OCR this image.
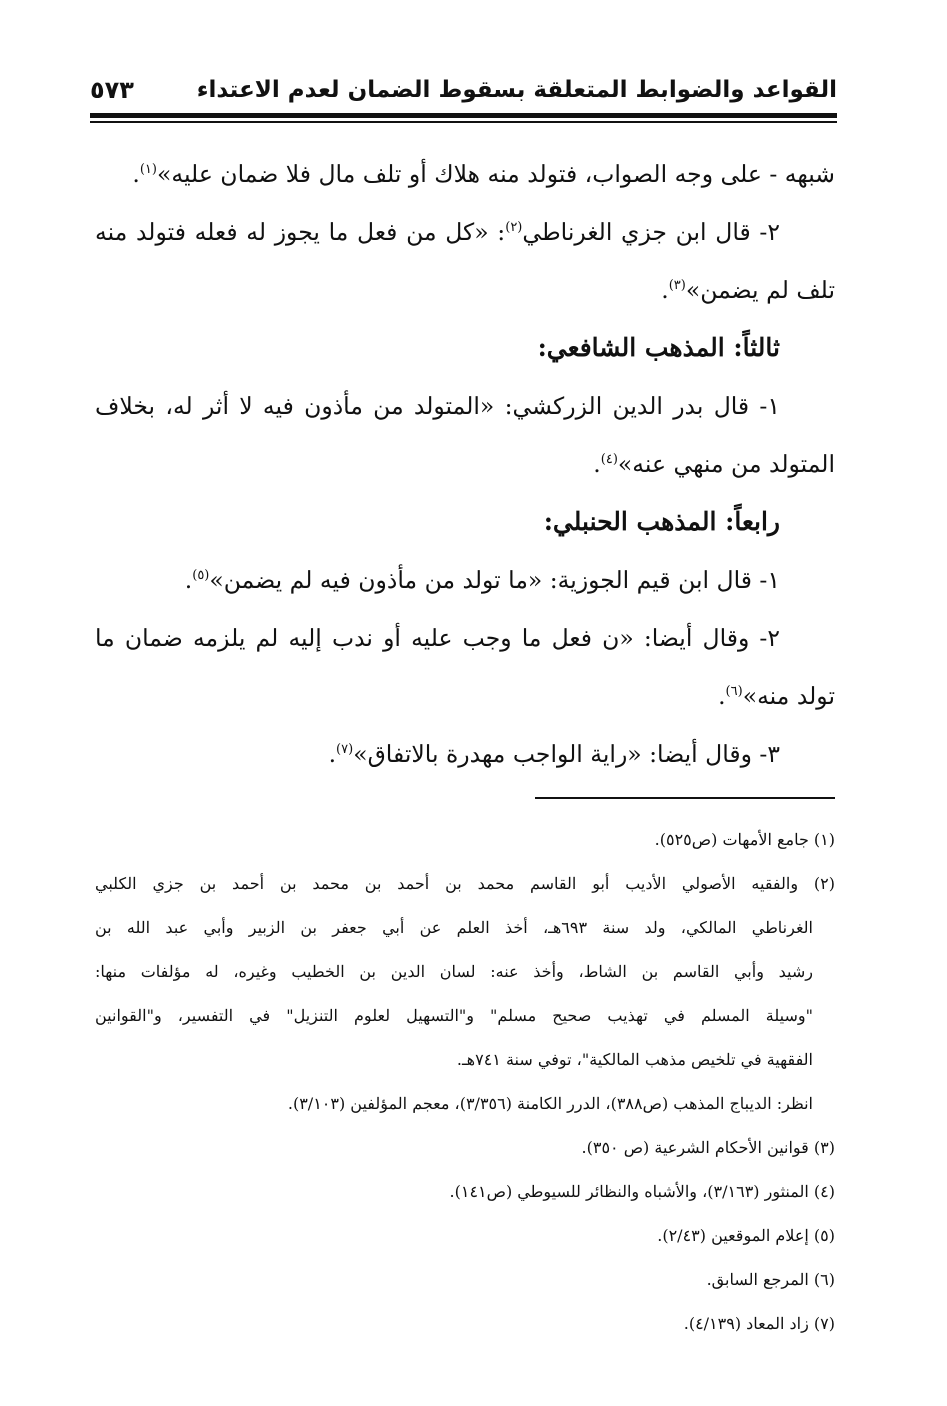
القواعد والضوابط المتعلقة بسقوط الضمان لعدم الاعتداء
٥٧٣
شبهه - على وجه الصواب، فتولد منه هلاك أو تلف مال فلا ضمان عليه»$^{(١)}$.
٢- قال ابن جزي الغرناطي$^{(٢)}$: «كل من فعل ما يجوز له فعله فتولد منه
تلف لم يضمن»$^{(٣)}$.
ثالثاً: المذهب الشافعي:
١- قال بدر الدين الزركشي: «المتولد من مأذون فيه لا أثر له، بخلاف
المتولد من منهي عنه»$^{(٤)}$.
رابعاً: المذهب الحنبلي:
١- قال ابن قيم الجوزية: «ما تولد من مأذون فيه لم يضمن»$^{(٥)}$.
٢- وقال أيضا: «ن فعل ما وجب عليه أو ندب إليه لم يلزمه ضمان ما
تولد منه»$^{(٦)}$.
٣- وقال أيضا: «راية الواجب مهدرة بالاتفاق»$^{(٧)}$.
(١) جامع الأمهات (ص٥٢٥).
(٢) والفقيه الأصولي الأديب أبو القاسم محمد بن أحمد بن محمد بن أحمد بن جزي الكلبي
الغرناطي المالكي، ولد سنة ٦٩٣هـ، أخذ العلم عن أبي جعفر بن الزبير وأبي عبد الله بن
رشيد وأبي القاسم بن الشاط، وأخذ عنه: لسان الدين بن الخطيب وغيره، له مؤلفات منها:
"وسيلة المسلم في تهذيب صحيح مسلم" و"التسهيل لعلوم التنزيل" في التفسير، و"القوانين
الفقهية في تلخيص مذهب المالكية"، توفي سنة ٧٤١هـ.
انظر: الديباج المذهب (ص٣٨٨)، الدرر الكامنة (٣/٣٥٦)، معجم المؤلفين (٣/١٠٣).
(٣) قوانين الأحكام الشرعية (ص ٣٥٠).
(٤) المنثور (٣/١٦٣)، والأشباه والنظائر للسيوطي (ص١٤١).
(٥) إعلام الموقعين (٢/٤٣).
(٦) المرجع السابق.
(٧) زاد المعاد (٤/١٣٩).
